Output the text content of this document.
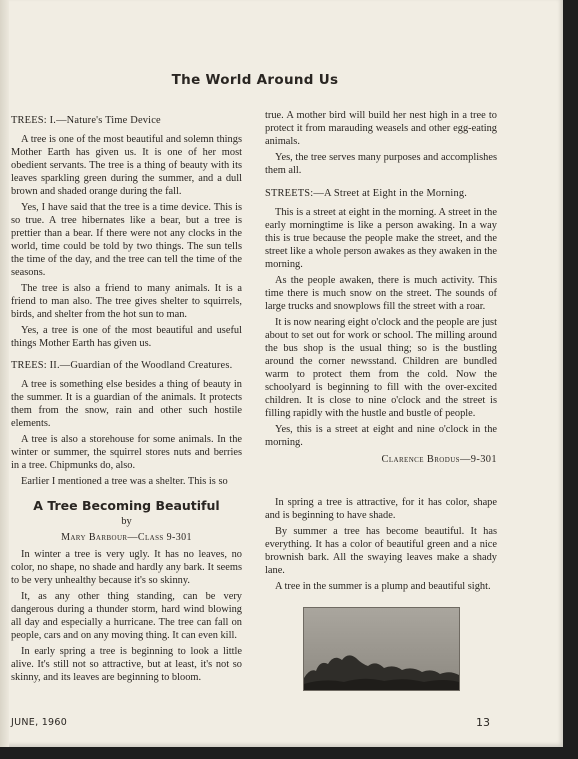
The World Around Us

TREES: I.—Nature's Time Device

A tree is one of the most beautiful and solemn things Mother Earth has given us. It is one of her most obedient servants. The tree is a thing of beauty with its leaves sparkling green during the summer, and a dull brown and shaded orange during the fall.

Yes, I have said that the tree is a time device. This is so true. A tree hibernates like a bear, but a tree is prettier than a bear. If there were not any clocks in the world, time could be told by two things. The sun tells the time of the day, and the tree can tell the time of the seasons.

The tree is also a friend to many animals. It is a friend to man also. The tree gives shelter to squirrels, birds, and shelter from the hot sun to man.

Yes, a tree is one of the most beautiful and useful things Mother Earth has given us.

TREES: II.—Guardian of the Woodland Creatures.

A tree is something else besides a thing of beauty in the summer. It is a guardian of the animals. It protects them from the snow, rain and other such hostile elements.

A tree is also a storehouse for some animals. In the winter or summer, the squirrel stores nuts and berries in a tree. Chipmunks do, also.

Earlier I mentioned a tree was a shelter. This is so

true. A mother bird will build her nest high in a tree to protect it from marauding weasels and other egg-eating animals.

Yes, the tree serves many purposes and accomplishes them all.

STREETS:—A Street at Eight in the Morning.

This is a street at eight in the morning. A street in the early morningtime is like a person awaking. In a way this is true because the people make the street, and the street like a whole person awakes as they awaken in the morning.

As the people awaken, there is much activity. This time there is much snow on the street. The sounds of large trucks and snowplows fill the street with a roar.

It is now nearing eight o'clock and the people are just about to set out for work or school. The milling around the bus shop is the usual thing; so is the bustling around the corner newsstand. Children are bundled warm to protect them from the cold. Now the schoolyard is beginning to fill with the over-excited children. It is close to nine o'clock and the street is filling rapidly with the hustle and bustle of people.

Yes, this is a street at eight and nine o'clock in the morning.

Clarence Brodus—9-301

A Tree Becoming Beautiful
by
Mary Barbour—Class 9-301

In winter a tree is very ugly. It has no leaves, no color, no shape, no shade and hardly any bark. It seems to be very unhealthy because it's so skinny.

It, as any other thing standing, can be very dangerous during a thunder storm, hard wind blowing all day and especially a hurricane. The tree can fall on people, cars and on any moving thing. It can even kill.

In early spring a tree is beginning to look a little alive. It's still not so attractive, but at least, it's not so skinny, and its leaves are beginning to bloom.

In spring a tree is attractive, for it has color, shape and is beginning to have shade.

By summer a tree has become beautiful. It has everything. It has a color of beautiful green and a nice brownish bark. All the swaying leaves make a shady lane.

A tree in the summer is a plump and beautiful sight.

JUNE, 1960	13
